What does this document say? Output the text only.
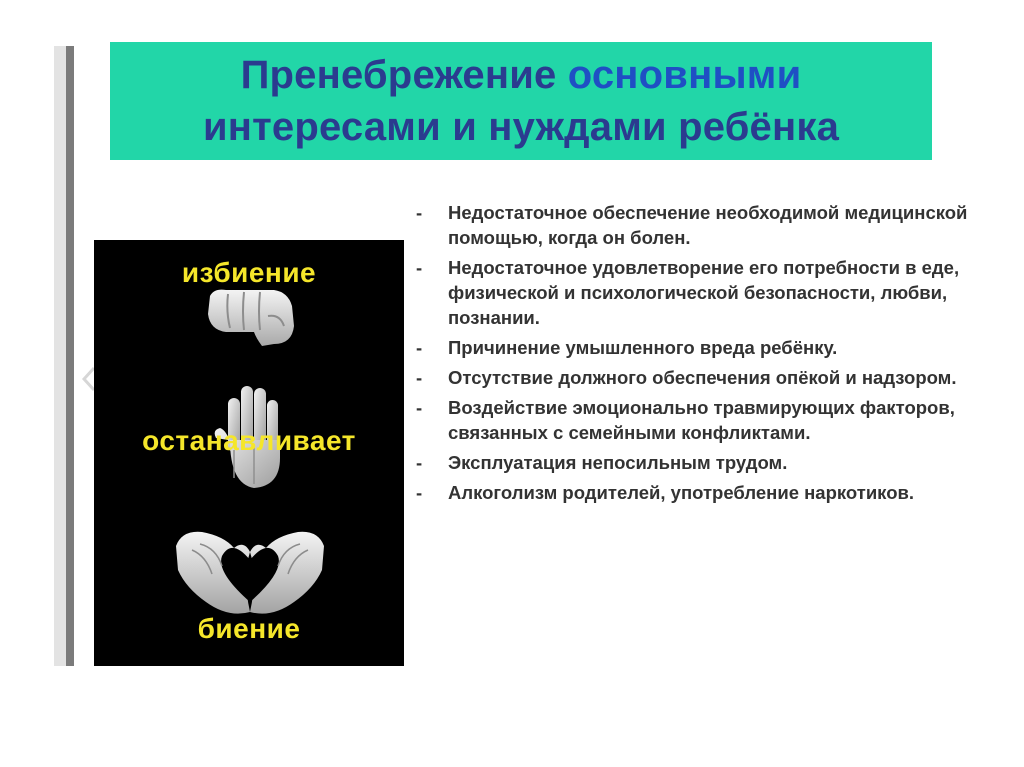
Пренебрежение основными
интересами и нуждами ребёнка
избиение
останавливает
биение
- Недостаточное обеспечение необходимой медицинской помощью, когда он болен.
- Недостаточное удовлетворение его потребности в еде, физической и психологической безопасности, любви, познании.
- Причинение умышленного вреда ребёнку.
- Отсутствие должного обеспечения опёкой и надзором.
- Воздействие эмоционально травмирующих факторов, связанных с семейными конфликтами.
- Эксплуатация непосильным трудом.
- Алкоголизм родителей, употребление наркотиков.
